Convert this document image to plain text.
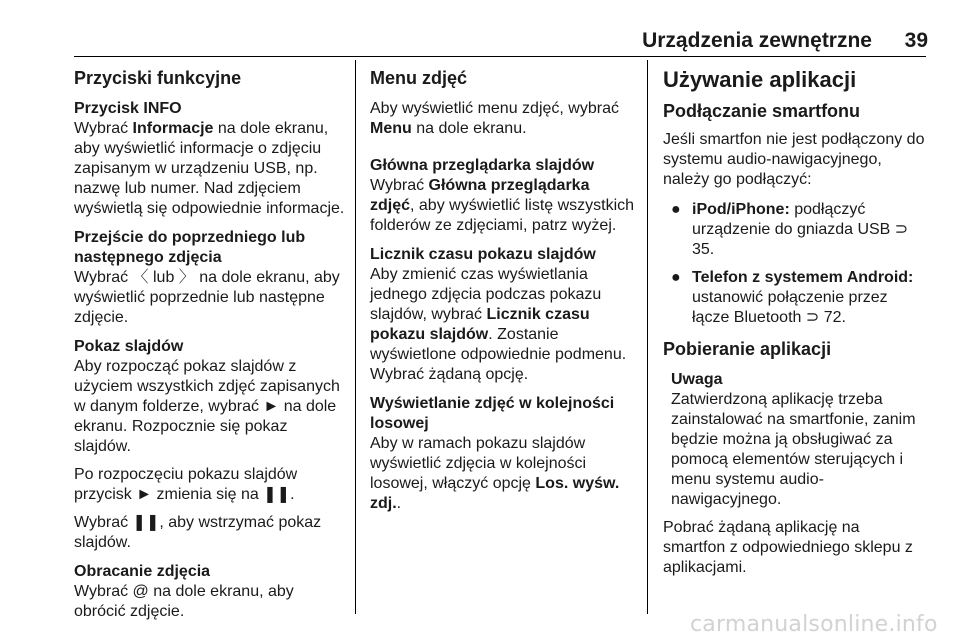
Urządzenia zewnętrzne	39
Przyciski funkcyjne
Przycisk INFO

Wybrać Informacje na dole ekranu, aby wyświetlić informacje o zdjęciu zapisanym w urządzeniu USB, np. nazwę lub numer. Nad zdjęciem wyświetlą się odpowiednie informacje.

Przejście do poprzedniego lub następnego zdjęcia

Wybrać 〈 lub 〉 na dole ekranu, aby wyświetlić poprzednie lub następne zdjęcie.

Pokaz slajdów

Aby rozpocząć pokaz slajdów z użyciem wszystkich zdjęć zapisanych w danym folderze, wybrać ► na dole ekranu. Rozpocznie się pokaz slajdów.

Po rozpoczęciu pokazu slajdów przycisk ► zmienia się na ❚❚.

Wybrać ❚❚, aby wstrzymać pokaz slajdów.

Obracanie zdjęcia

Wybrać @ na dole ekranu, aby obrócić zdjęcie.

Menu zdjęć

Aby wyświetlić menu zdjęć, wybrać Menu na dole ekranu.

Główna przeglądarka slajdów

Wybrać Główna przeglądarka zdjęć, aby wyświetlić listę wszystkich folderów ze zdjęciami, patrz wyżej.

Licznik czasu pokazu slajdów

Aby zmienić czas wyświetlania jednego zdjęcia podczas pokazu slajdów, wybrać Licznik czasu pokazu slajdów. Zostanie wyświetlone odpowiednie podmenu. Wybrać żądaną opcję.

Wyświetlanie zdjęć w kolejności losowej

Aby w ramach pokazu slajdów wyświetlić zdjęcia w kolejności losowej, włączyć opcję Los. wyśw. zdj..

Używanie aplikacji
Podłączanie smartfonu

Jeśli smartfon nie jest podłączony do systemu audio-nawigacyjnego, należy go podłączyć:

● iPod/iPhone: podłączyć urządzenie do gniazda USB ⊃ 35.
● Telefon z systemem Android: ustanowić połączenie przez łącze Bluetooth ⊃ 72.
Pobieranie aplikacji
Uwaga
Zatwierdzoną aplikację trzeba zainstalować na smartfonie, zanim będzie można ją obsługiwać za pomocą elementów sterujących i menu systemu audio-nawigacyjnego.

Pobrać żądaną aplikację na smartfon z odpowiedniego sklepu z aplikacjami.

carmanualsonline.info
